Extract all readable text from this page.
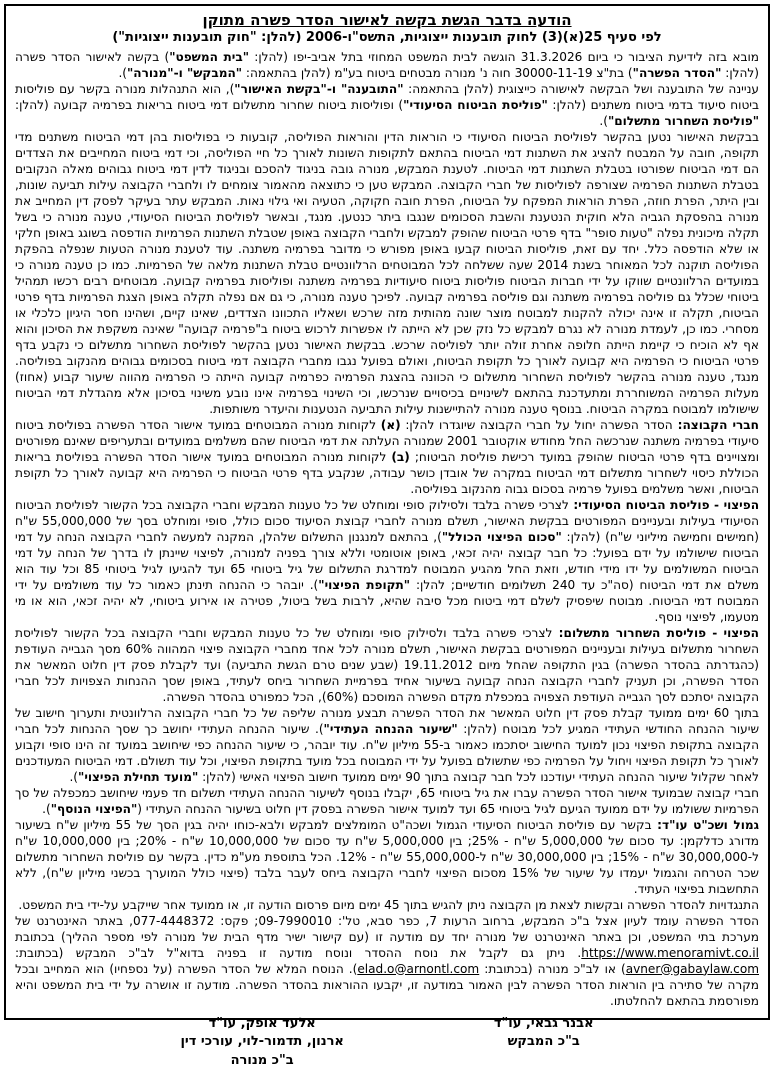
הודעה בדבר הגשת בקשה לאישור הסדר פשרה מתוקן
לפי סעיף 25(א)(3) לחוק תובענות ייצוגיות, התשס"ו-2006 (להלן: "חוק תובענות ייצוגיות")

מובא בזה לידיעת הציבור כי ביום 31.3.2026 הוגשה לבית המשפט המחוזי בתל אביב-יפו (להלן: "בית המשפט") בקשה לאישור הסדר פשרה (להלן: "הסדר הפשרה") בת"צ 30000-11-19 חוה נ' מנורה מבטחים ביטוח בע"מ (להלן בהתאמה: "המבקש" ו-"מנורה").

עניינה של התובענה ושל הבקשה לאישורה כייצוגית (להלן בהתאמה: "התובענה" ו-"בקשת האישור"), הוא התנהלות מנורה בקשר עם פוליסות ביטוח סיעוד בדמי ביטוח משתנים (להלן: "פוליסת הביטוח הסיעודי") ופוליסות ביטוח שחרור מתשלום דמי ביטוח בריאות בפרמיה קבועה (להלן: "פוליסת השחרור מתשלום").

בבקשת האישור נטען בהקשר לפוליסת הביטוח הסיעודי כי הוראות הדין והוראות הפוליסה, קובעות כי בפוליסות בהן דמי הביטוח משתנים מדי תקופה, חובה על המבטח להציג את השתנות דמי הביטוח בהתאם לתקופות השונות לאורך כל חיי הפוליסה, וכי דמי ביטוח המחייבים את הצדדים הם דמי הביטוח שפורטו בטבלת השתנות דמי הביטוח. לטענת המבקש, מנורה גובה בניגוד להסכם ובניגוד לדין דמי ביטוח גבוהים מאלה הנקובים בטבלת השתנות הפרמיה שצורפה לפוליסות של חברי הקבוצה. המבקש טען כי כתוצאה מהאמור צומחים לו ולחברי הקבוצה עילות תביעה שונות, ובין היתר, הפרת חוזה, הפרת הוראות המפקח על הביטוח, הפרת חובה חקוקה, הטעיה ואי גילוי נאות. המבקש עתר בעיקר לפסק דין המחייב את מנורה בהפסקת הגביה הלא חוקית הנטענת והשבת הסכומים שנגבו ביתר כנטען. מנגד, ובאשר לפוליסת הביטוח הסיעודי, טענה מנורה כי בשל תקלה מיכונית נפלה "טעות סופר" בדף פרטי הביטוח שהופק למבקש ולחברי הקבוצה באופן שטבלת השתנות הפרמיות הודפסה בשוגג באופן חלקי או שלא הודפסה כלל. יחד עם זאת, פוליסות הביטוח קבעו באופן מפורש כי מדובר בפרמיה משתנה. עוד לטענת מנורה הטעות שנפלה בהפקת הפוליסה תוקנה לכל המאוחר בשנת 2014 שעה ששלחה לכל המבוטחים הרלוונטיים טבלת השתנות מלאה של הפרמיות. כמו כן טענה מנורה כי במועדים הרלוונטיים שווקו על ידי חברות הביטוח פוליסות ביטוח סיעודיות בפרמיה משתנה ופוליסות בפרמיה קבועה. מבוטחים רבים רכשו תמהיל ביטוחי שכלל גם פוליסה בפרמיה משתנה וגם פוליסה בפרמיה קבועה. לפיכך טענה מנורה, כי גם אם נפלה תקלה באופן הצגת הפרמיות בדף פרטי הביטוח, תקלה זו אינה יכולה להקנות למבוטח מוצר שונה מהותית מזה שרכש ושאליו התכוונו הצדדים, שאינו קיים, ושהינו חסר היגיון כלכלי או מסחרי. כמו כן, לעמדת מנורה לא נגרם למבקש כל נזק שכן לא הייתה לו אפשרות לרכוש ביטוח ב"פרמיה קבועה" שאינה משקפת את הסיכון והוא אף לא הוכיח כי קיימת הייתה חלופה אחרת זולה יותר לפוליסה שרכש. בבקשת האישור נטען בהקשר לפוליסת השחרור מתשלום כי נקבע בדף פרטי הביטוח כי הפרמיה היא קבועה לאורך כל תקופת הביטוח, ואולם בפועל נגבו מחברי הקבוצה דמי ביטוח בסכומים גבוהים מהנקוב בפוליסה. מנגד, טענה מנורה בהקשר לפוליסת השחרור מתשלום כי הכוונה בהצגת הפרמיה כפרמיה קבועה הייתה כי הפרמיה מהווה שיעור קבוע (אחוז) מעלות הפרמיה המשוחררת ומתעדכנת בהתאם לשינויים בכיסויים שנרכשו, וכי השינוי בפרמיה אינו נובע משינוי בסיכון אלא מהגדלת דמי הביטוח שישולמו למבוטח במקרה הביטוח. בנוסף טענה מנורה להתיישנות עילות התביעה הנטענות והיעדר משותפות.

חברי הקבוצה: הסדר הפשרה יחול על חברי הקבוצה שיוגדרו להלן: (א) לקוחות מנורה המבוטחים במועד אישור הסדר הפשרה בפוליסת ביטוח סיעודי בפרמיה משתנה שנרכשה החל מחודש אוקטובר 2001 שמנורה העלתה את דמי הביטוח שהם משלמים במועדים ובתעריפים שאינם מפורטים ומצויינים בדף פרטי הביטוח שהופק במועד רכישת פוליסת הביטוח; (ב) לקוחות מנורה המבוטחים במועד אישור הסדר הפשרה בפוליסת בריאות הכוללת כיסוי לשחרור מתשלום דמי הביטוח במקרה של אובדן כושר עבודה, שנקבע בדף פרטי הביטוח כי הפרמיה היא קבועה לאורך כל תקופת הביטוח, ואשר משלמים בפועל פרמיה בסכום גבוה מהנקוב בפוליסה.

הפיצוי - פוליסת הביטוח הסיעודי: לצרכי פשרה בלבד ולסילוק סופי ומוחלט של כל טענות המבקש וחברי הקבוצה בכל הקשור לפוליסת הביטוח הסיעודי בעילות ובעניינים המפורטים בבקשת האישור, תשלם מנורה לחברי קבוצת הסיעוד סכום כולל, סופי ומוחלט בסך של 55,000,000 ש"ח (חמישים וחמישה מיליוני ש"ח) (להלן: "סכום הפיצוי הכולל"), בהתאם למנגנון התשלום שלהלן, המקנה למעשה לחברי הקבוצה הנחה על דמי הביטוח שישולמו על ידם בפועל: כל חבר קבוצה יהיה זכאי, באופן אוטומטי וללא צורך בפניה למנורה, לפיצוי שיינתן לו בדרך של הנחה על דמי הביטוח המשולמים על ידו מידי חודש, וזאת החל מהגיע המבוטח למדרגת התשלום של גיל ביטוחי 65 ועד להגיעו לגיל ביטוחי 85 וכל עוד הוא משלם את דמי הביטוח (סה"כ עד 240 תשלומים חודשיים; להלן: "תקופת הפיצוי"). יובהר כי ההנחה תינתן כאמור כל עוד משולמים על ידי המבוטח דמי הביטוח. מבוטח שיפסיק לשלם דמי ביטוח מכל סיבה שהיא, לרבות בשל ביטול, פטירה או אירוע ביטוחי, לא יהיה זכאי, הוא או מי מטעמו, לפיצוי נוסף.

הפיצוי - פוליסת השחרור מתשלום: לצרכי פשרה בלבד ולסילוק סופי ומוחלט של כל טענות המבקש וחברי הקבוצה בכל הקשור לפוליסת השחרור מתשלום בעילות ובעניינים המפורטים בבקשת האישור, תשלם מנורה לכל אחד מחברי הקבוצה פיצוי המהווה 60% מסך הגבייה העודפת (כהגדרתה בהסדר הפשרה) בגין התקופה שהחל מיום 19.11.2012 (שבע שנים טרם הגשת התביעה) ועד לקבלת פסק דין חלוט המאשר את הסדר הפשרה, וכן תעניק לחברי הקבוצה הנחה קבועה בשיעור אחיד בפרמיית השחרור ביחס לעתיד, באופן שסך ההנחות הצפויות לכל חברי הקבוצה יסתכם לסך הגבייה העודפת הצפויה במכפלת מקדם הפשרה המוסכם (60%), הכל כמפורט בהסדר הפשרה.

בתוך 60 ימים ממועד קבלת פסק דין חלוט המאשר את הסדר הפשרה תבצע מנורה שליפה של כל חברי הקבוצה הרלוונטית ותערוך חישוב של שיעור ההנחה החודשי העתידי המגיע לכל מבוטח (להלן: "שיעור ההנחה העתידי"). שיעור ההנחה העתידי יחושב כך שסך ההנחות לכל חברי הקבוצה בתקופת הפיצוי נכון למועד החישוב יסתכמו כאמור ב-55 מיליון ש"ח. עוד יובהר, כי שיעור ההנחה כפי שיחושב במועד זה הינו סופי וקבוע לאורך כל תקופת הפיצוי ויחול על הפרמיה כפי שתשולם בפועל על ידי המבוטח בכל מועד בתקופת הפיצוי, וכל עוד תשולם. דמי הביטוח המעודכנים לאחר שקלול שיעור ההנחה העתידי יעודכנו לכל חבר קבוצה בתוך 90 ימים ממועד חישוב הפיצוי האישי (להלן: "מועד תחילת הפיצוי").

חברי קבוצה שבמועד אישור הסדר הפשרה עברו את גיל ביטוחי 65, יקבלו בנוסף לשיעור ההנחה העתידי תשלום חד פעמי שיחושב כמכפלה של סך הפרמיות ששולמו על ידם ממועד הגיעם לגיל ביטוחי 65 ועד למועד אישור הפשרה בפסק דין חלוט בשיעור ההנחה העתידי ("הפיצוי הנוסף").

גמול ושכ"ט עו"ד: בקשר עם פוליסת הביטוח הסיעודי הגמול ושכה"ט המומלצים למבקש ולבא-כוחו יהיה בגין הסך של 55 מיליון ש"ח בשיעור מדורג כדלקמן: עד סכום של 5,000,000 ש"ח - 25%; בין 5,000,000 ש"ח עד סכום של 10,000,000 ש"ח - 20%; בין 10,000,000 ש"ח ל-30,000,000 ש"ח - 15%; בין 30,000,000 ש"ח ל-55,000,000 ש"ח - 12%. הכל בתוספת מע"מ כדין. בקשר עם פוליסת השחרור מתשלום שכר הטרחה והגמול יעמדו על שיעור של 15% מסכום הפיצוי לחברי הקבוצה ביחס לעבר בלבד (פיצוי כולל המוערך בכשני מיליון ש"ח), ללא התחשבות בפיצוי העתיד.

התנגדויות להסדר הפשרה ובקשות לצאת מן הקבוצה ניתן להגיש בתוך 45 ימים מיום פרסום הודעה זו, או ממועד אחר שייקבע על-ידי בית המשפט.

הסדר הפשרה עומד לעיון אצל ב"כ המבקש, ברחוב הרעות 7, כפר סבא, טל': 09-7990010; פקס: 077-4448372, באתר האינטרנט של מערכת בתי המשפט, וכן באתר האינטרנט של מנורה יחד עם מודעה זו (עם קישור ישיר מדף הבית של מנורה לפי מספר ההליך) בכתובת https://www.menoramivt.co.il. ניתן גם לקבל את נוסח ההסדר ונוסח מודעה זו בפניה בדוא"ל לב"כ המבקש (בכתובת: avner@gabaylaw.com) או לב"כ מנורה (בכתובת: elad.o@arnontl.com). הנוסח המלא של הסדר הפשרה (על נספחיו) הוא המחייב ובכל מקרה של סתירה בין הוראות הסדר הפשרה לבין האמור במודעה זו, יקבעו ההוראות בהסדר הפשרה. מודעה זו אושרה על ידי בית המשפט והיא מפורסמת בהתאם להחלטתו.

אבנר גבאי, עו"ד
ב"כ המבקש
אלעד אופק, עו"ד
ארנון, תדמור-לוי, עורכי דין
ב"כ מנורה
